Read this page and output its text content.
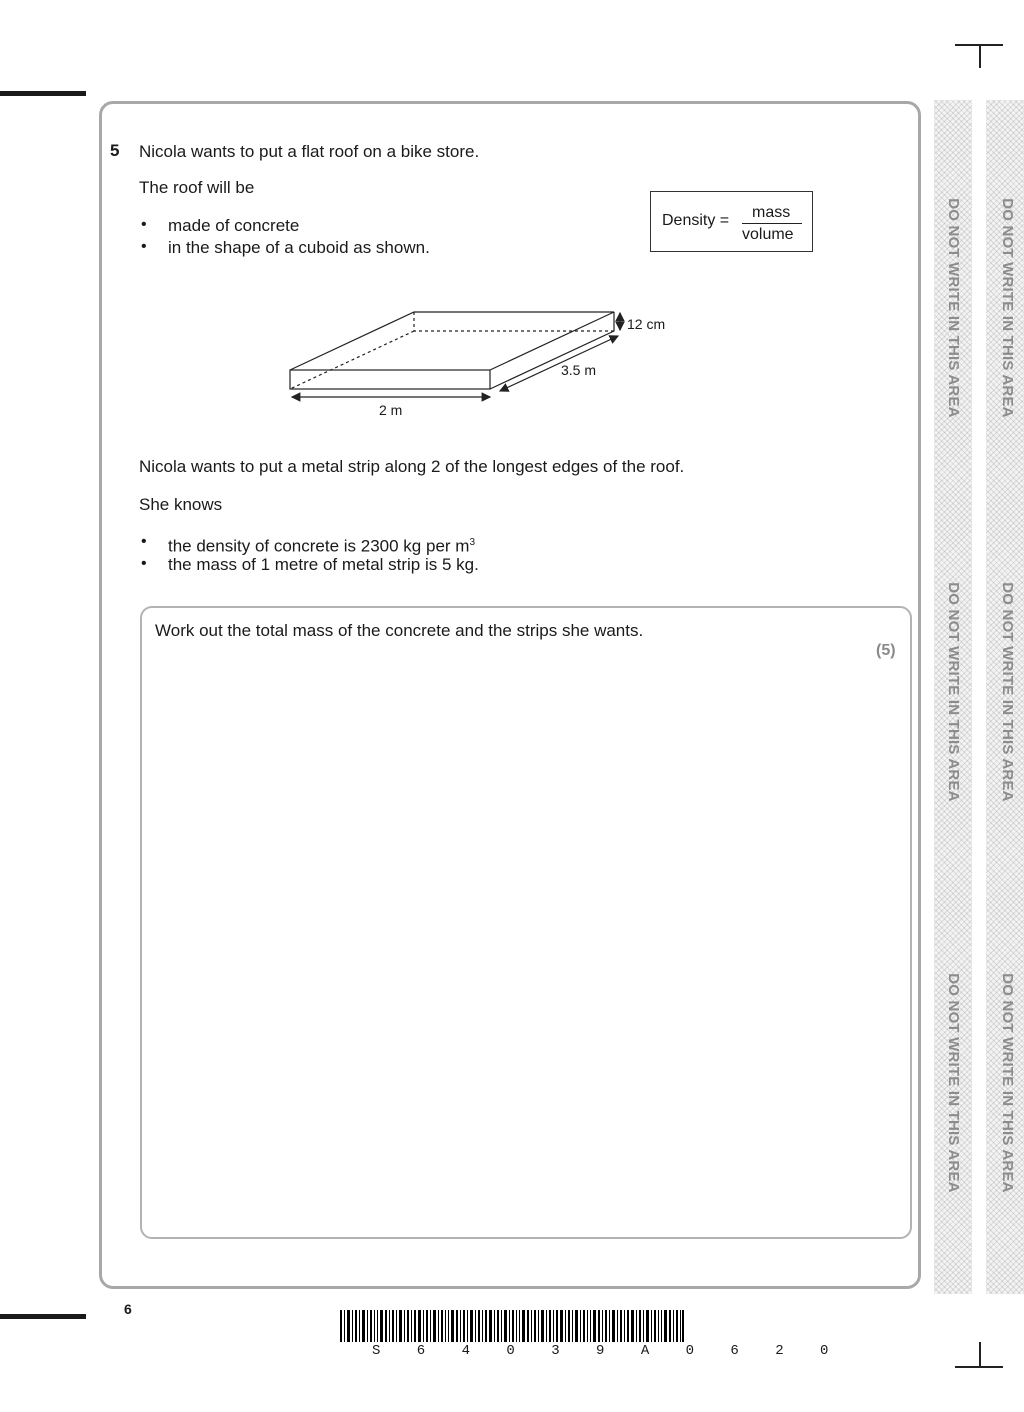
5 Nicola wants to put a flat roof on a bike store.
The roof will be
• made of concrete
• in the shape of a cuboid as shown.
Density = mass
volume
12 cm
3.5 m
2 m
Nicola wants to put a metal strip along 2 of the longest edges of the roof.
She knows
• the density of concrete is 2300 kg per $m^3$
• the mass of 1 metre of metal strip is 5 kg.
Work out the total mass of the concrete and the strips she wants.
(5)
6
DO NOT WRITE IN THIS AREA
DO NOT WRITE IN THIS AREA
DO NOT WRITE IN THIS AREA
DO NOT WRITE IN THIS AREA
DO NOT WRITE IN THIS AREA
DO NOT WRITE IN THIS AREA
S 6 4 0 3 9 A 0 6 2 0
